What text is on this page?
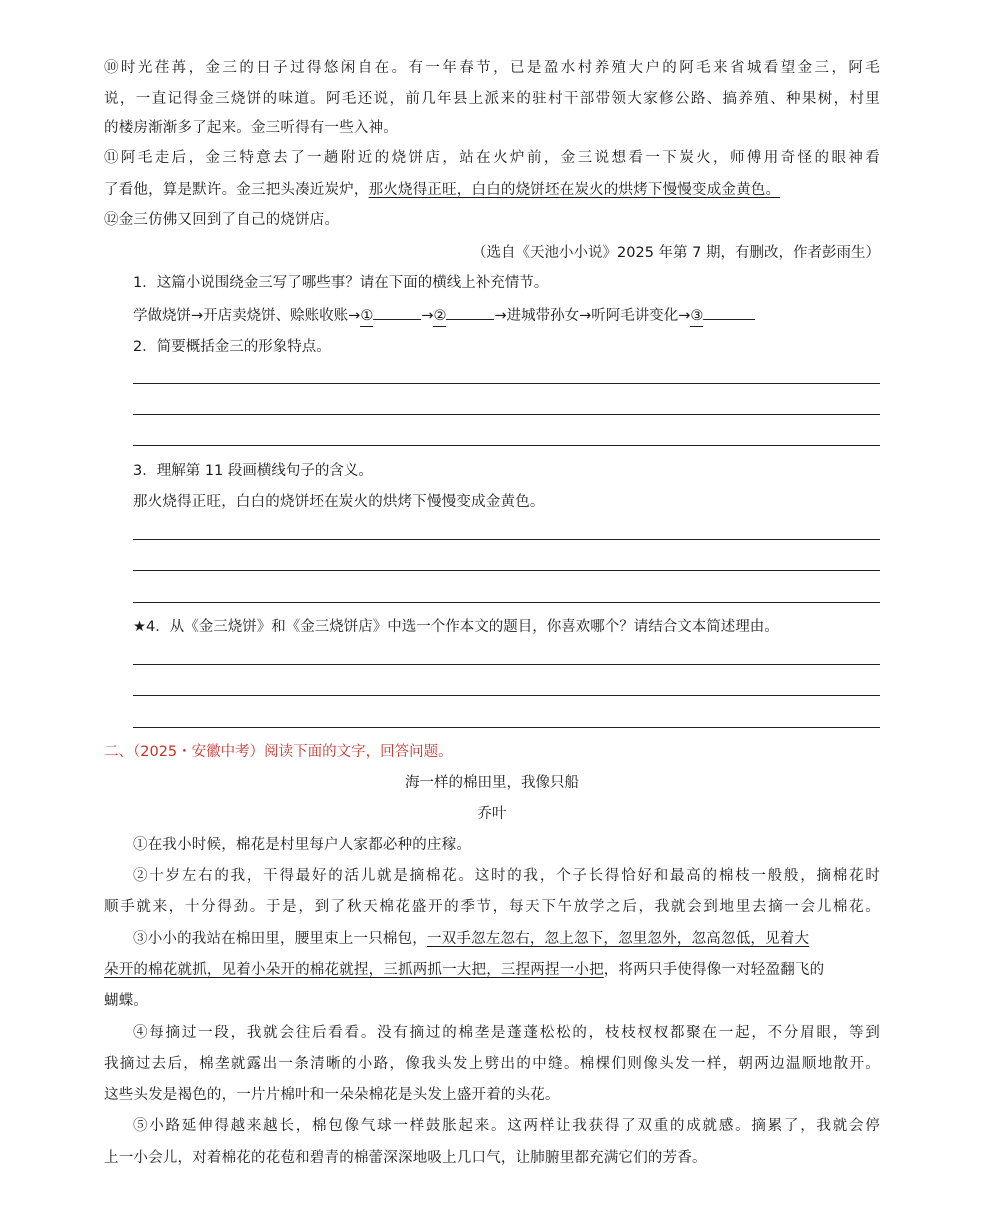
⑩时光荏苒，金三的日子过得悠闲自在。有一年春节，已是盈水村养殖大户的阿毛来省城看望金三，阿毛
说，一直记得金三烧饼的味道。阿毛还说，前几年县上派来的驻村干部带领大家修公路、搞养殖、种果树，村里
的楼房渐渐多了起来。金三听得有一些入神。
⑪阿毛走后，金三特意去了一趟附近的烧饼店，站在火炉前，金三说想看一下炭火，师傅用奇怪的眼神看
了看他，算是默许。金三把头凑近炭炉，那火烧得正旺，白白的烧饼坯在炭火的烘烤下慢慢变成金黄色。
⑫金三仿佛又回到了自己的烧饼店。
（选自《天池小小说》2025 年第 7 期，有删改，作者彭雨生）
1．这篇小说围绕金三写了哪些事？请在下面的横线上补充情节。
学做烧饼→开店卖烧饼、赊账收账→①	→②	→进城带孙女→听阿毛讲变化→③
2．简要概括金三的形象特点。
3．理解第 11 段画横线句子的含义。
那火烧得正旺，白白的烧饼坯在炭火的烘烤下慢慢变成金黄色。
★4．从《金三烧饼》和《金三烧饼店》中选一个作本文的题目，你喜欢哪个？请结合文本简述理由。
二、（2025・安徽中考）阅读下面的文字，回答问题。
海一样的棉田里，我像只船
乔叶
①在我小时候，棉花是村里每户人家都必种的庄稼。
②十岁左右的我，干得最好的活儿就是摘棉花。这时的我，个子长得恰好和最高的棉枝一般般，摘棉花时
顺手就来，十分得劲。于是，到了秋天棉花盛开的季节，每天下午放学之后，我就会到地里去摘一会儿棉花。
③小小的我站在棉田里，腰里束上一只棉包，一双手忽左忽右，忽上忽下，忽里忽外，忽高忽低，见着大
朵开的棉花就抓，见着小朵开的棉花就捏，三抓两抓一大把，三捏两捏一小把，将两只手使得像一对轻盈翻飞的
蝴蝶。
④每摘过一段，我就会往后看看。没有摘过的棉垄是蓬蓬松松的，枝枝杈杈都聚在一起，不分眉眼，等到
我摘过去后，棉垄就露出一条清晰的小路，像我头发上劈出的中缝。棉棵们则像头发一样，朝两边温顺地散开。
这些头发是褐色的，一片片棉叶和一朵朵棉花是头发上盛开着的头花。
⑤小路延伸得越来越长，棉包像气球一样鼓胀起来。这两样让我获得了双重的成就感。摘累了，我就会停
上一小会儿，对着棉花的花苞和碧青的棉蕾深深地吸上几口气，让肺腑里都充满它们的芳香。
